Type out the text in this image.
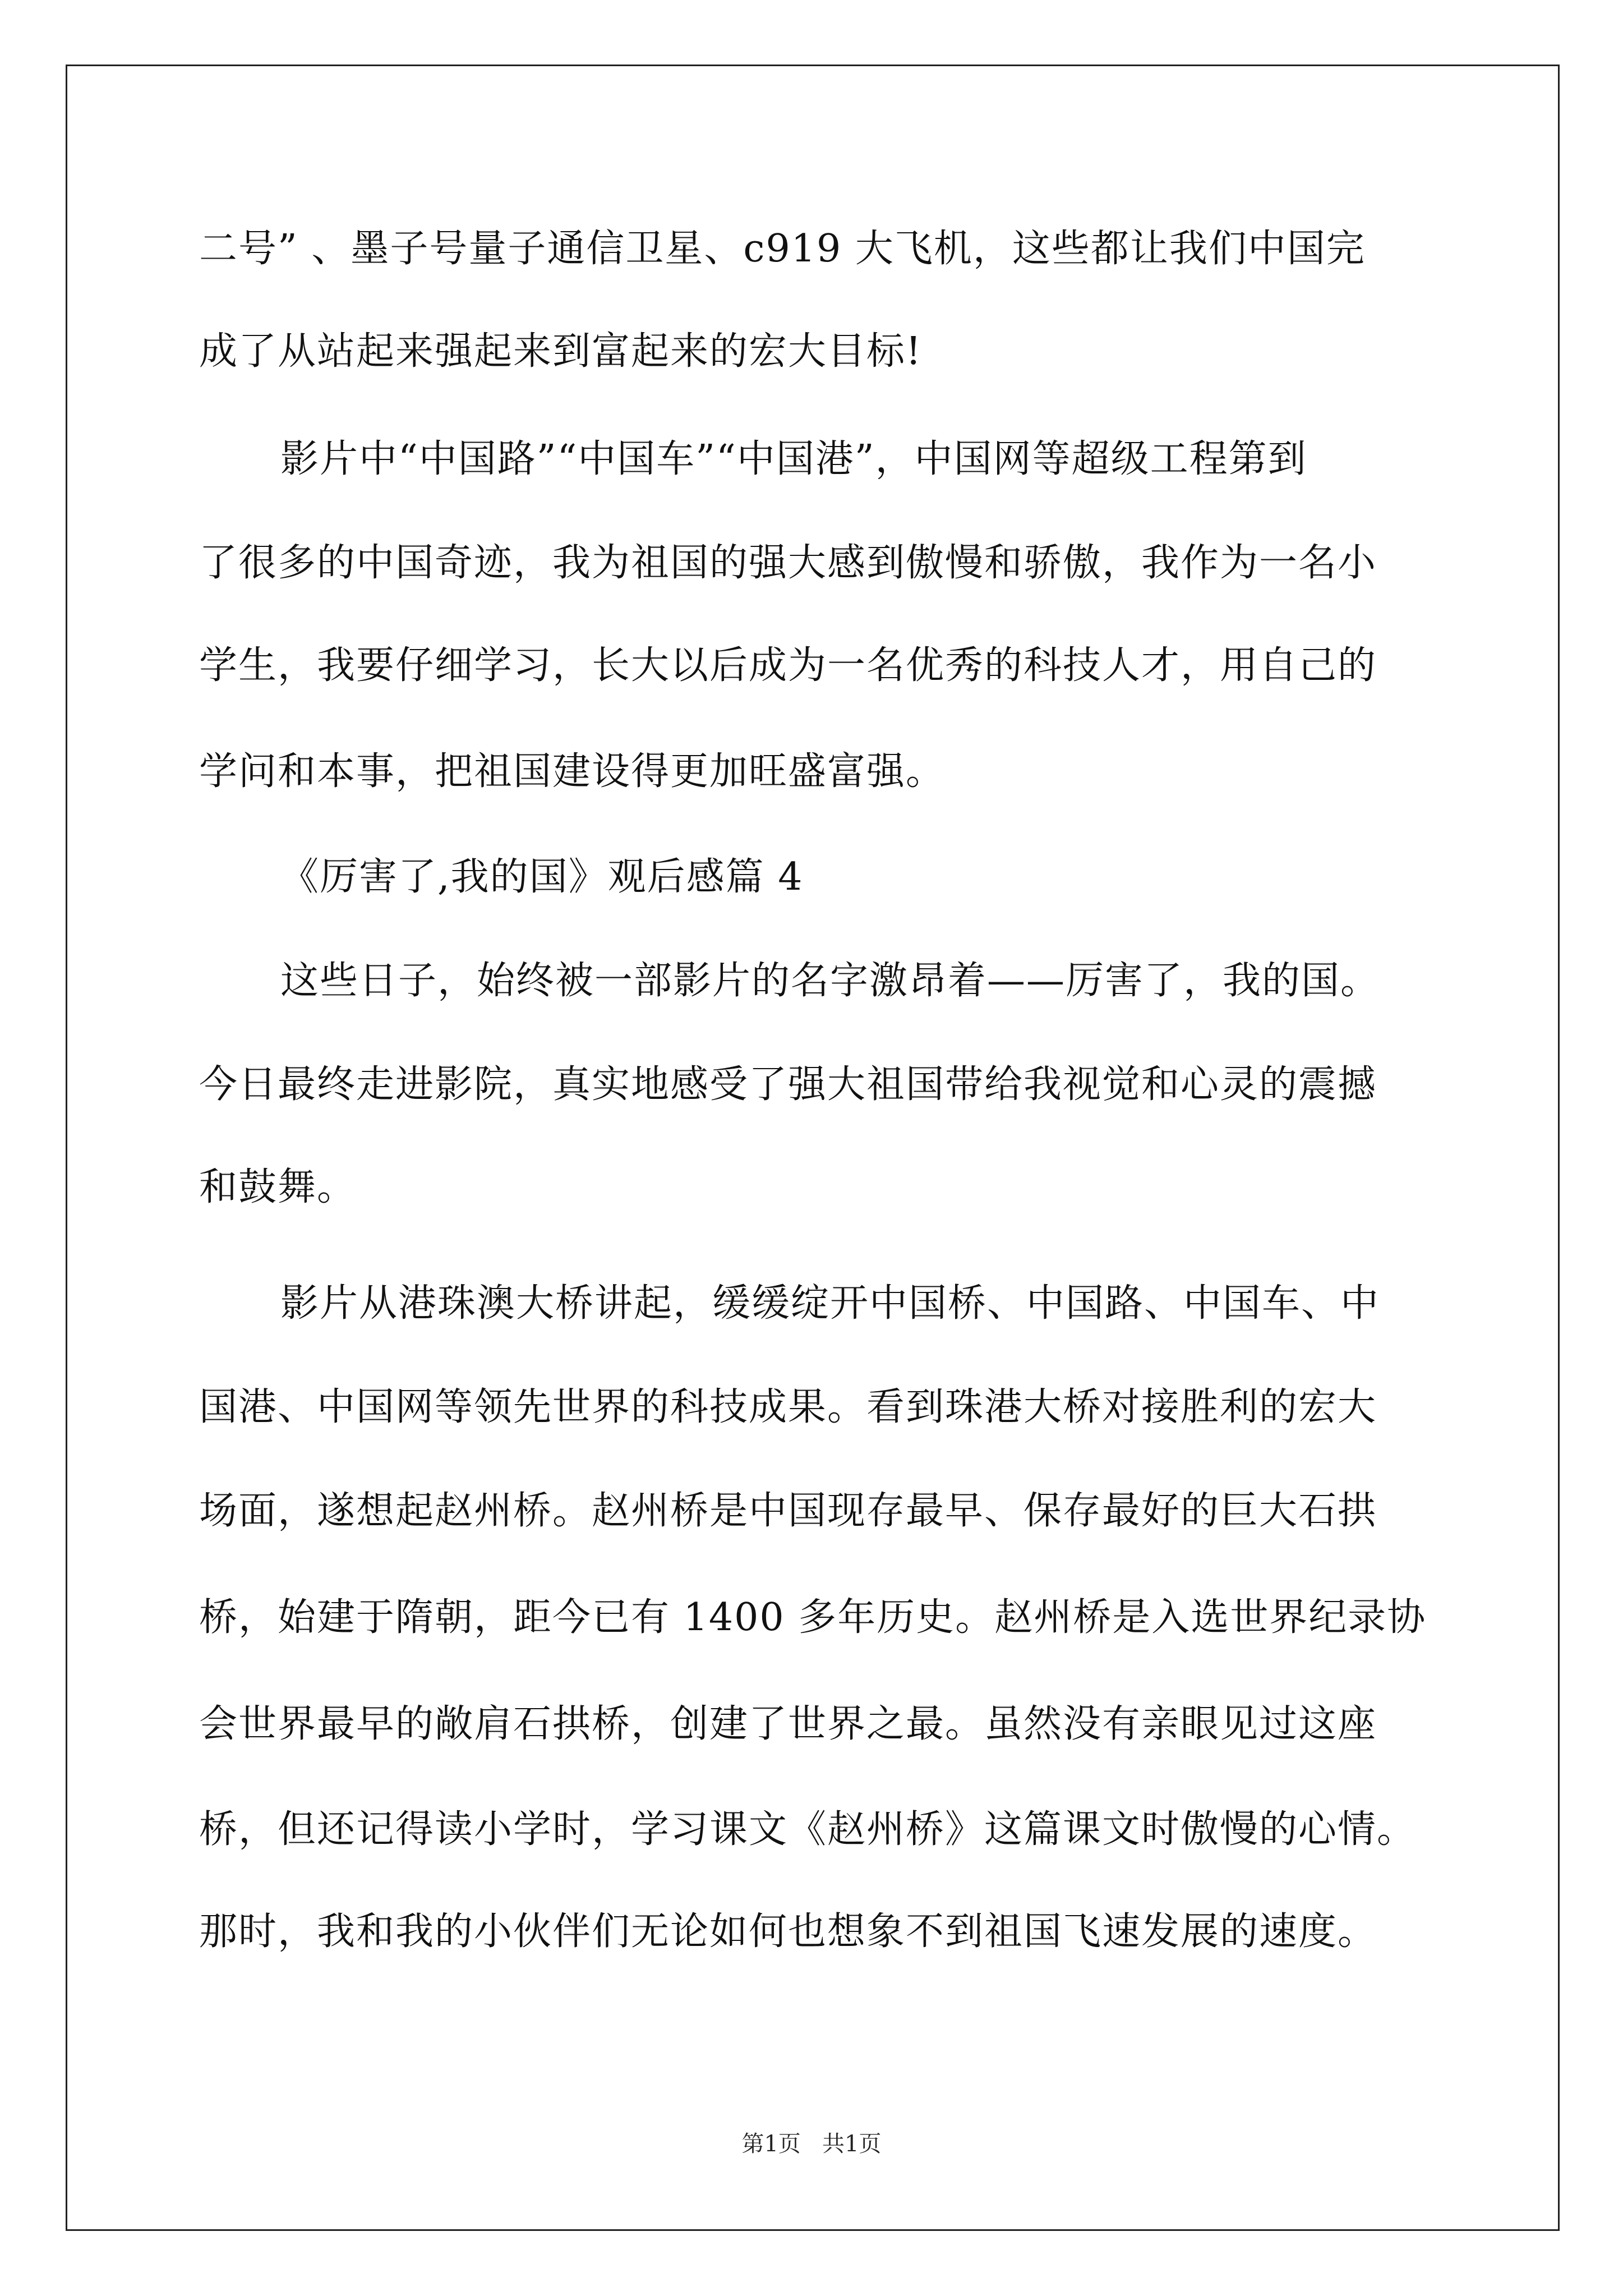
二号” 、墨子号量子通信卫星、c919 大飞机，这些都让我们中国完
成了从站起来强起来到富起来的宏大目标!
影片中“中国路”“中国车”“中国港”，中国网等超级工程第到
了很多的中国奇迹，我为祖国的强大感到傲慢和骄傲，我作为一名小
学生，我要仔细学习，长大以后成为一名优秀的科技人才，用自己的
学问和本事，把祖国建设得更加旺盛富强。
《厉害了,我的国》观后感篇 4
这些日子，始终被一部影片的名字激昂着——厉害了，我的国。
今日最终走进影院，真实地感受了强大祖国带给我视觉和心灵的震撼
和鼓舞。
影片从港珠澳大桥讲起，缓缓绽开中国桥、中国路、中国车、中
国港、中国网等领先世界的科技成果。看到珠港大桥对接胜利的宏大
场面，遂想起赵州桥。赵州桥是中国现存最早、保存最好的巨大石拱
桥，始建于隋朝，距今已有 1400 多年历史。赵州桥是入选世界纪录协
会世界最早的敞肩石拱桥，创建了世界之最。虽然没有亲眼见过这座
桥，但还记得读小学时，学习课文《赵州桥》这篇课文时傲慢的心情。
那时，我和我的小伙伴们无论如何也想象不到祖国飞速发展的速度。
第1页   共1页
